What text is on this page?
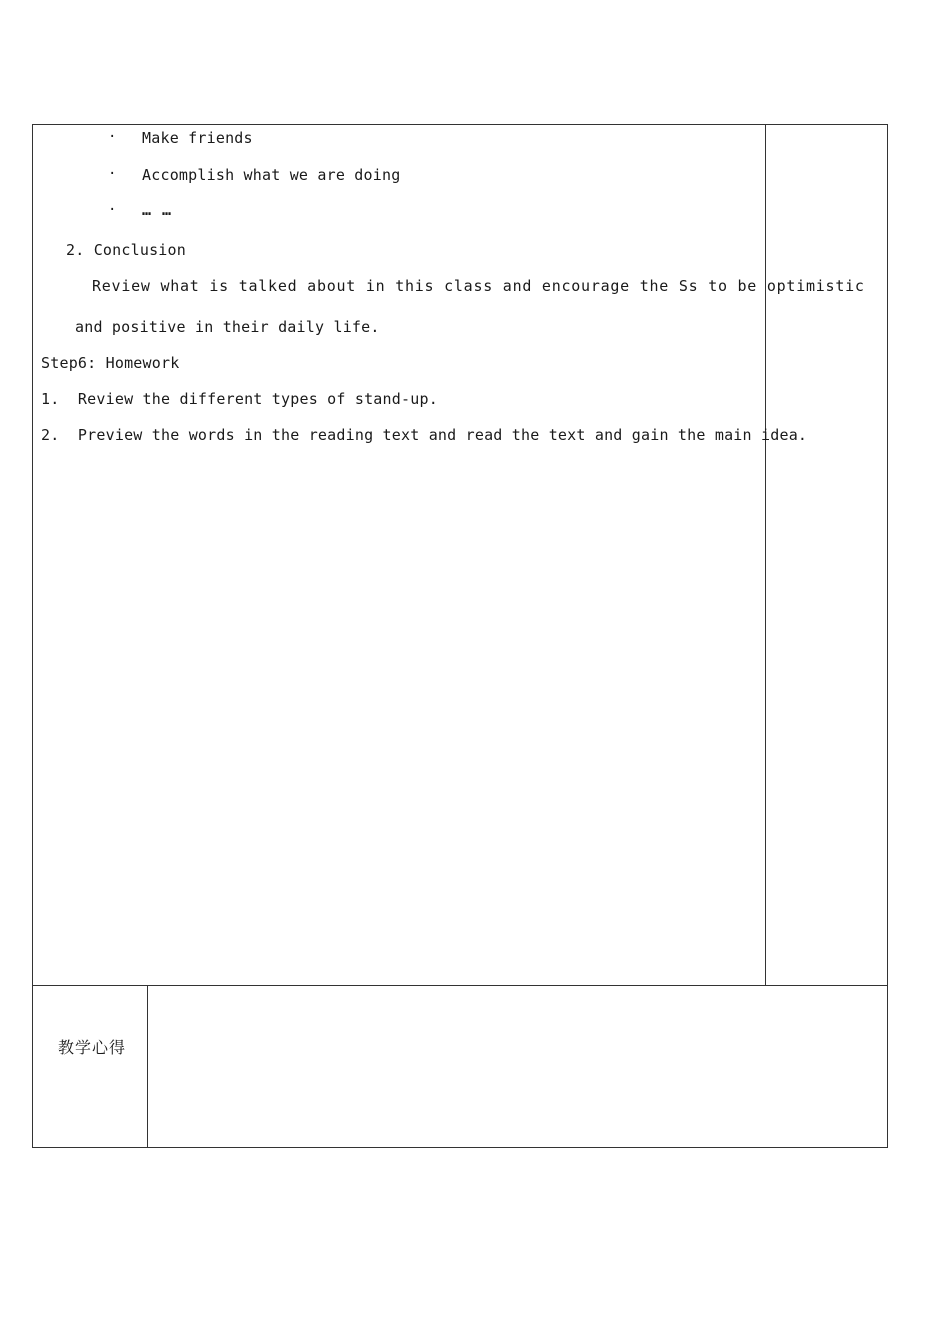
· Make friends
· Accomplish what we are doing
· … …
2. Conclusion
Review what is talked about in this class and encourage the Ss to be optimistic
and positive in their daily life.
Step6: Homework
1.  Review the different types of stand-up.
2.  Preview the words in the reading text and read the text and gain the main idea.
教学心得
